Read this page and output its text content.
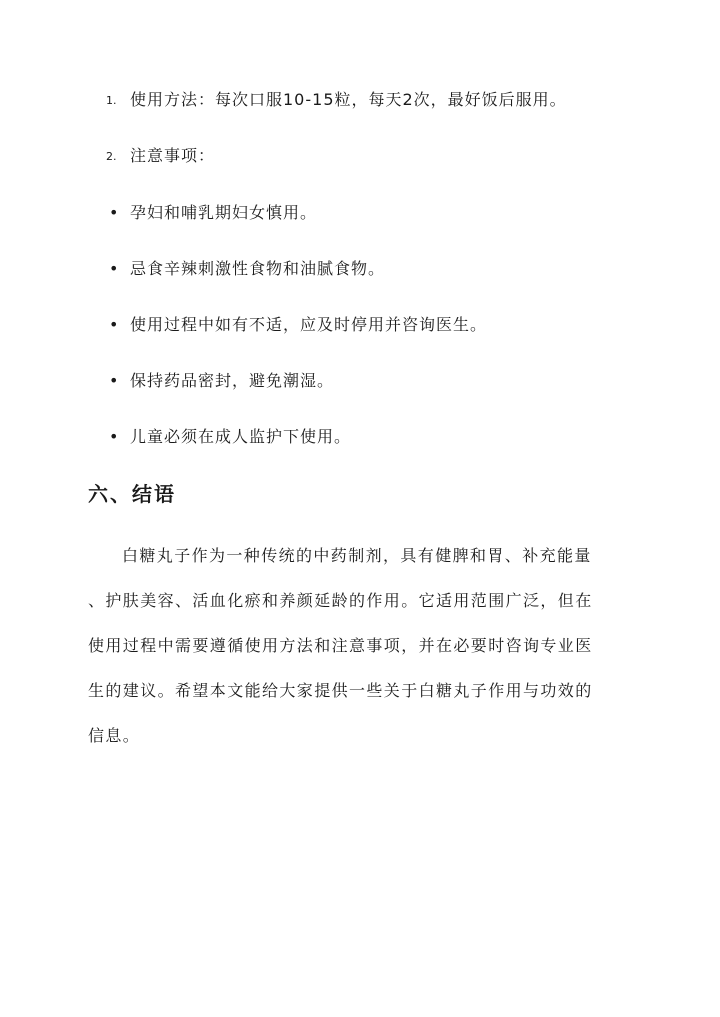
1. 使用方法：每次口服10-15粒，每天2次，最好饭后服用。
2. 注意事项：
• 孕妇和哺乳期妇女慎用。
• 忌食辛辣刺激性食物和油腻食物。
• 使用过程中如有不适，应及时停用并咨询医生。
• 保持药品密封，避免潮湿。
• 儿童必须在成人监护下使用。
六、结语
白糖丸子作为一种传统的中药制剂，具有健脾和胃、补充能量
、护肤美容、活血化瘀和养颜延龄的作用。它适用范围广泛，但在
使用过程中需要遵循使用方法和注意事项，并在必要时咨询专业医
生的建议。希望本文能给大家提供一些关于白糖丸子作用与功效的
信息。
